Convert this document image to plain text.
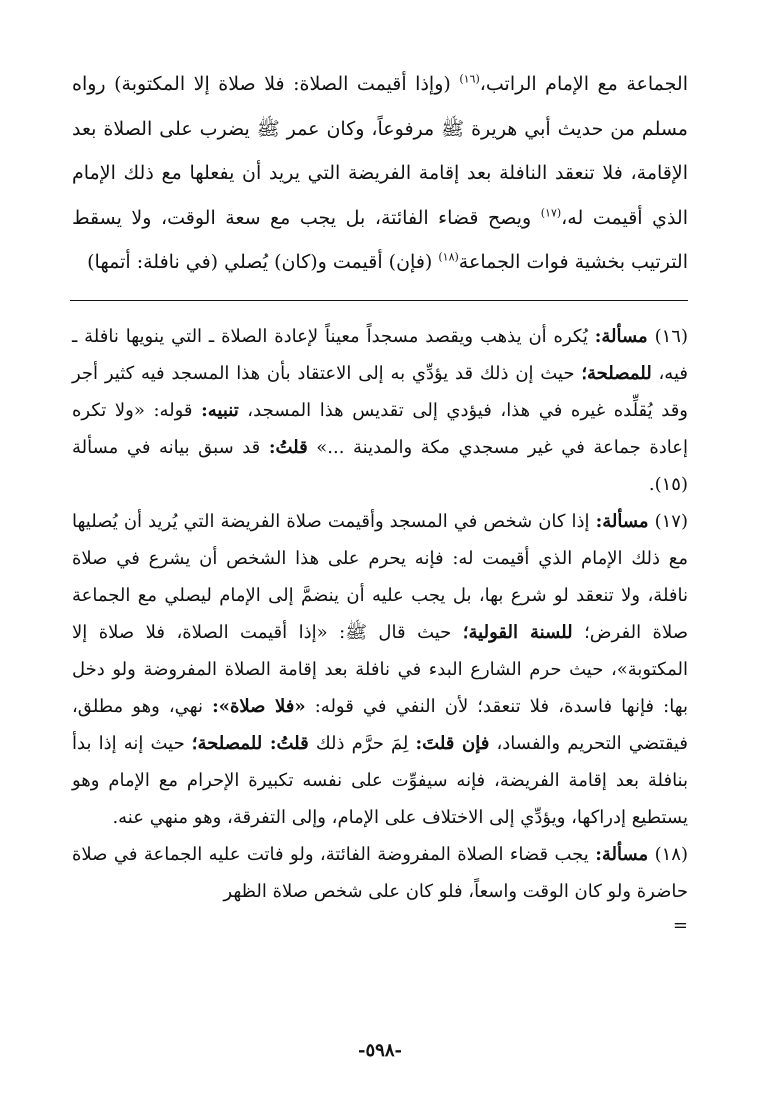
الجماعة مع الإمام الراتب،$^{(١٦)}$ (وإذا أقيمت الصلاة: فلا صلاة إلا المكتوبة) رواه مسلم من حديث أبي هريرة ﷺ مرفوعاً، وكان عمر ﷺ يضرب على الصلاة بعد الإقامة، فلا تنعقد النافلة بعد إقامة الفريضة التي يريد أن يفعلها مع ذلك الإمام الذي أقيمت له،$^{(١٧)}$ ويصح قضاء الفائتة، بل يجب مع سعة الوقت، ولا يسقط الترتيب بخشية فوات الجماعة$^{(١٨)}$ (فإن) أقيمت و(كان) يُصلي (في نافلة: أتمها)

(١٦) مسألة: يُكره أن يذهب ويقصد مسجداً معيناً لإعادة الصلاة ـ التي ينويها نافلة ـ فيه، للمصلحة؛ حيث إن ذلك قد يؤدِّي به إلى الاعتقاد بأن هذا المسجد فيه كثير أجر وقد يُقلِّده غيره في هذا، فيؤدي إلى تقديس هذا المسجد، تنبيه: قوله: «ولا تكره إعادة جماعة في غير مسجدي مكة والمدينة ...» قلتُ: قد سبق بيانه في مسألة (١٥).

(١٧) مسألة: إذا كان شخص في المسجد وأقيمت صلاة الفريضة التي يُريد أن يُصليها مع ذلك الإمام الذي أقيمت له: فإنه يحرم على هذا الشخص أن يشرع في صلاة نافلة، ولا تنعقد لو شرع بها، بل يجب عليه أن ينضمَّ إلى الإمام ليصلي مع الجماعة صلاة الفرض؛ للسنة القولية؛ حيث قال ﷺ: «إذا أقيمت الصلاة، فلا صلاة إلا المكتوبة»، حيث حرم الشارع البدء في نافلة بعد إقامة الصلاة المفروضة ولو دخل بها: فإنها فاسدة، فلا تنعقد؛ لأن النفي في قوله: «فلا صلاة»: نهي، وهو مطلق، فيقتضي التحريم والفساد، فإن قلتَ: لِمَ حرَّم ذلك قلتُ: للمصلحة؛ حيث إنه إذا بدأ بنافلة بعد إقامة الفريضة، فإنه سيفوِّت على نفسه تكبيرة الإحرام مع الإمام وهو يستطيع إدراكها، ويؤدِّي إلى الاختلاف على الإمام، وإلى التفرقة، وهو منهي عنه.

(١٨) مسألة: يجب قضاء الصلاة المفروضة الفائتة، ولو فاتت عليه الجماعة في صلاة حاضرة ولو كان الوقت واسعاً، فلو كان على شخص صلاة الظهر
=

-٥٩٨-
